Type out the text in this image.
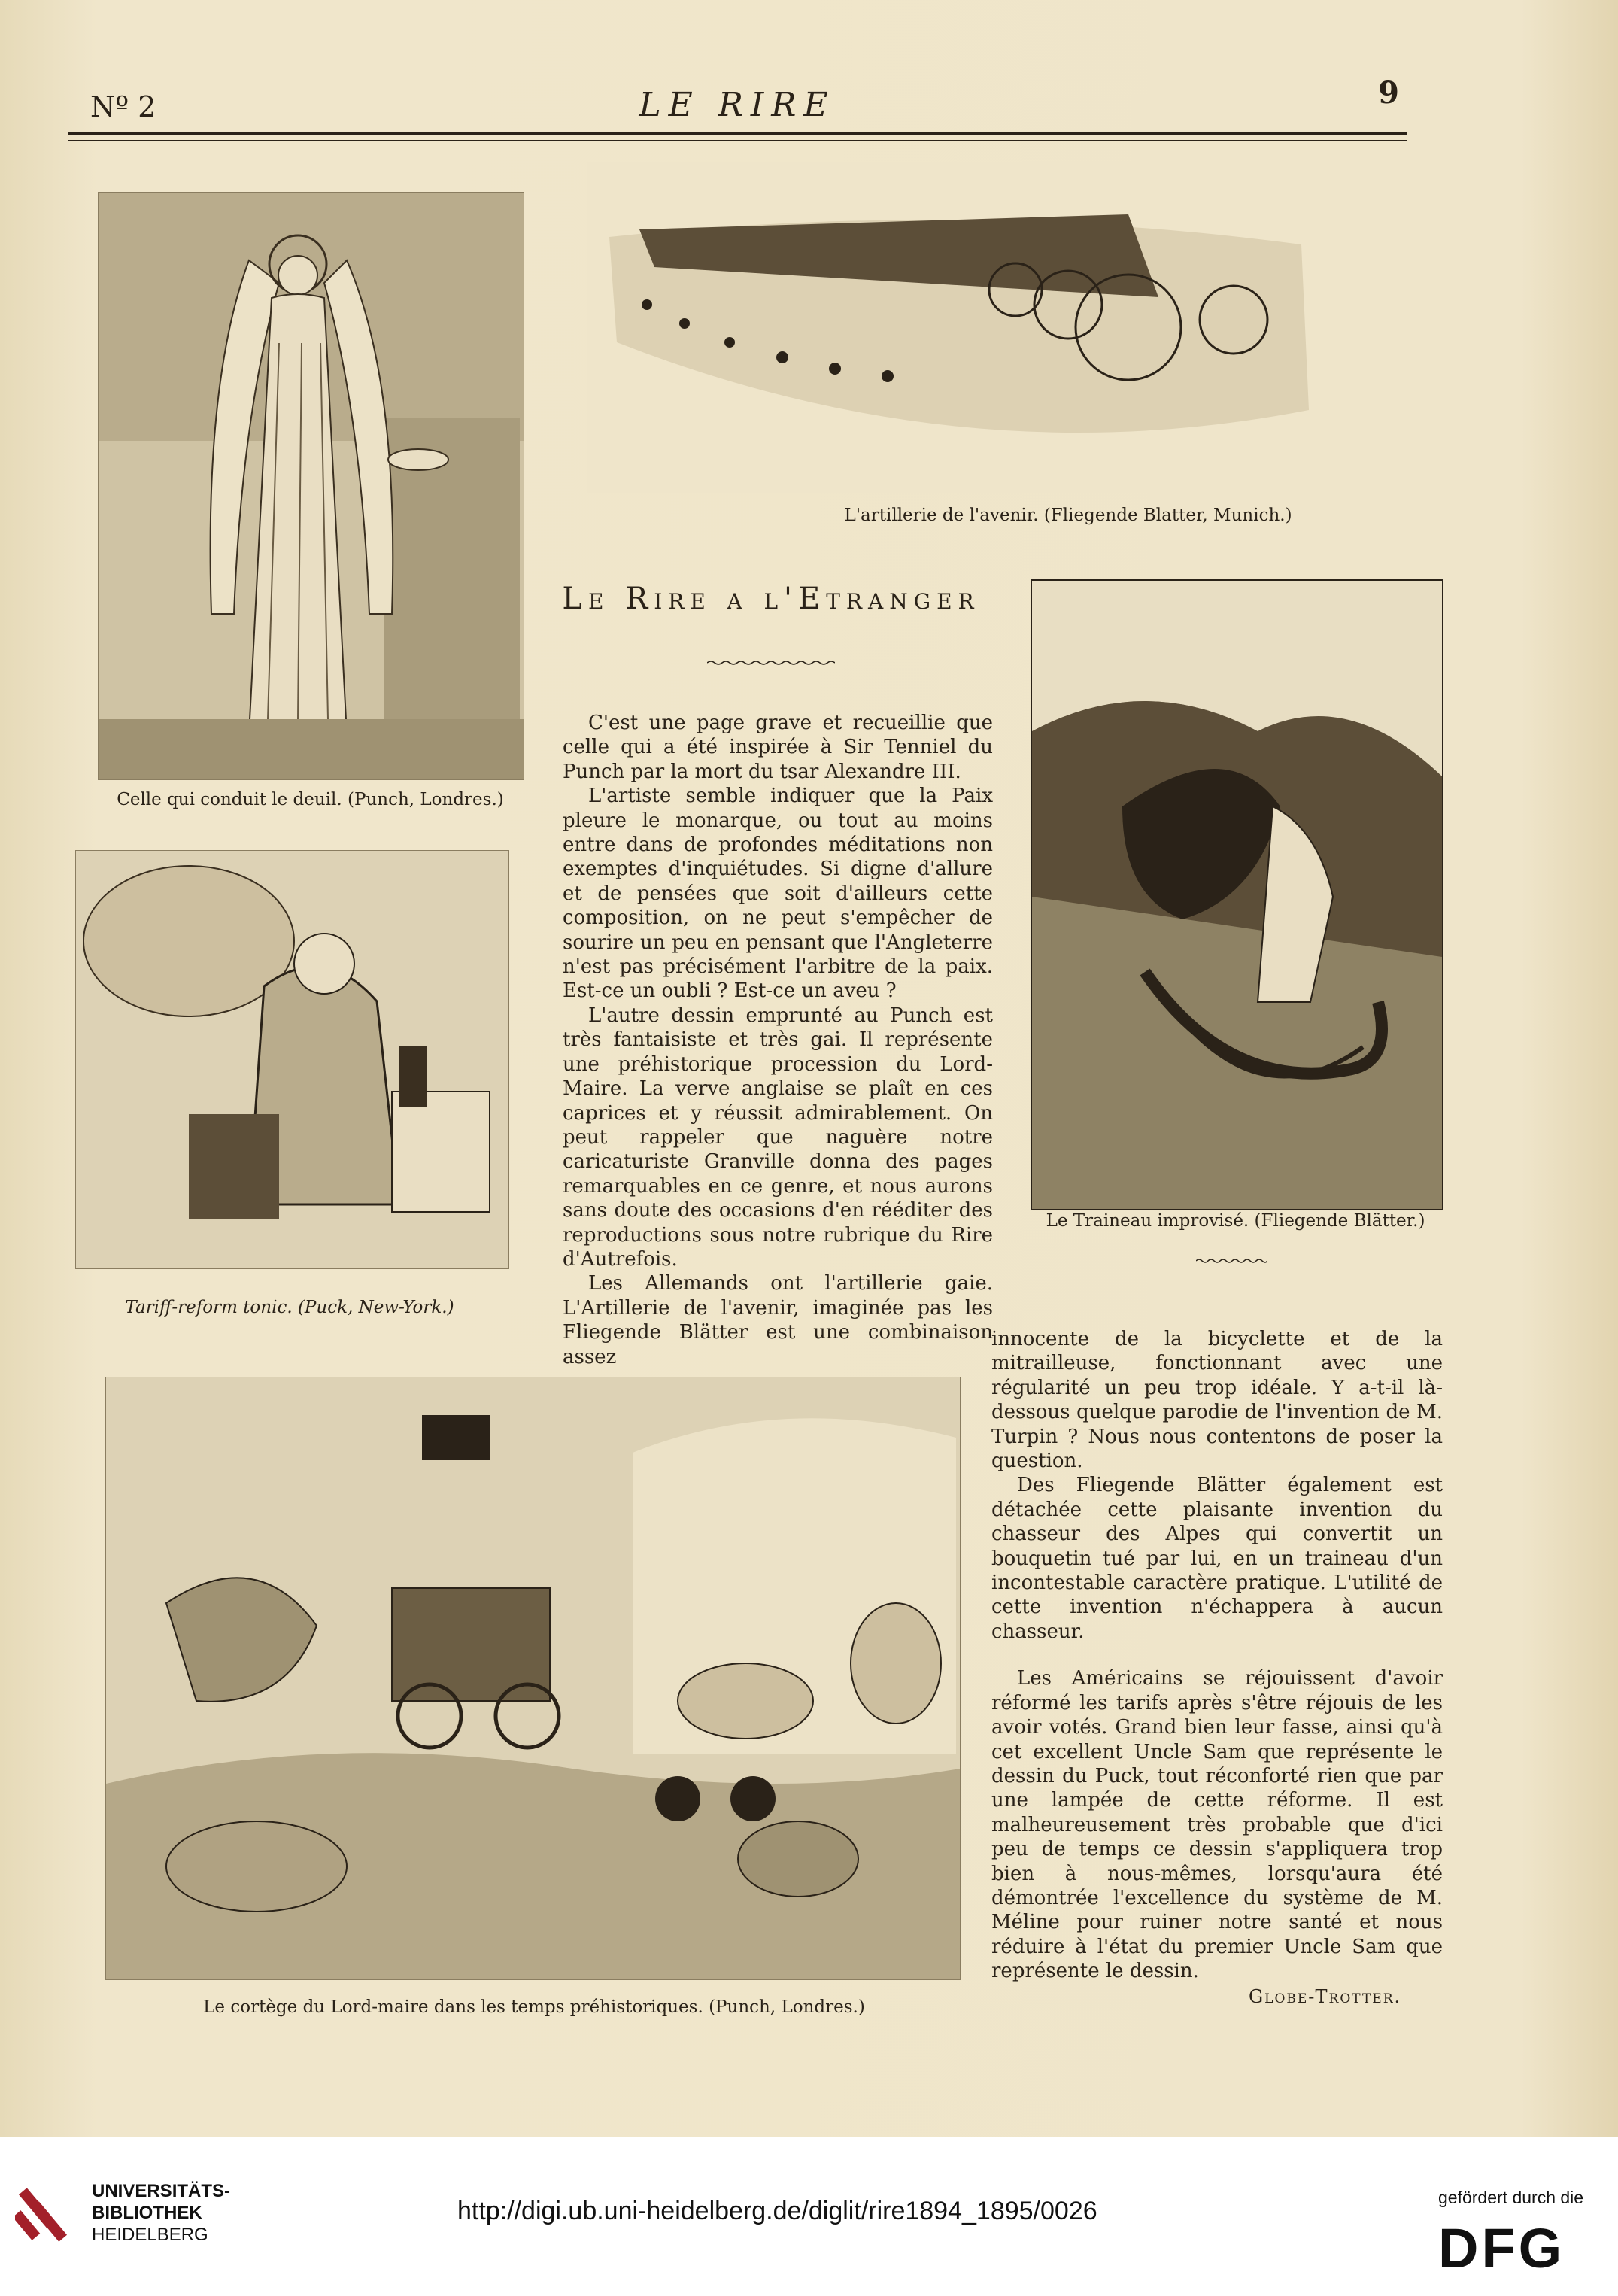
Nº 2	LE RIRE	9
Celle qui conduit le deuil. (Punch, Londres.)
L'artillerie de l'avenir. (Fliegende Blatter, Munich.)
Tariff-reform tonic. (Puck, New-York.)
Le Traineau improvisé. (Fliegende Blätter.)
Le cortège du Lord-maire dans les temps préhistoriques. (Punch, Londres.)
Le Rire a l'Etranger

C'est une page grave et recueillie que celle qui a été inspirée à Sir Tenniel du Punch par la mort du tsar Alexandre III.

L'artiste semble indiquer que la Paix pleure le monarque, ou tout au moins entre dans de profondes méditations non exemptes d'inquiétudes. Si digne d'allure et de pensées que soit d'ailleurs cette composition, on ne peut s'empêcher de sourire un peu en pensant que l'Angleterre n'est pas précisément l'arbitre de la paix. Est-ce un oubli ? Est-ce un aveu ?

L'autre dessin emprunté au Punch est très fantaisiste et très gai. Il représente une préhistorique procession du Lord-Maire. La verve anglaise se plaît en ces caprices et y réussit admirablement. On peut rappeler que naguère notre caricaturiste Granville donna des pages remarquables en ce genre, et nous aurons sans doute des occasions d'en rééditer des reproductions sous notre rubrique du Rire d'Autrefois.

Les Allemands ont l'artillerie gaie. L'Artillerie de l'avenir, imaginée pas les Fliegende Blätter est une combinaison assez

innocente de la bicyclette et de la mitrailleuse, fonctionnant avec une régularité un peu trop idéale. Y a-t-il là-dessous quelque parodie de l'invention de M. Turpin ? Nous nous contentons de poser la question.

Des Fliegende Blätter également est détachée cette plaisante invention du chasseur des Alpes qui convertit un bouquetin tué par lui, en un traineau d'un incontestable caractère pratique. L'utilité de cette invention n'échappera à aucun chasseur.

Les Américains se réjouissent d'avoir réformé les tarifs après s'être réjouis de les avoir votés. Grand bien leur fasse, ainsi qu'à cet excellent Uncle Sam que représente le dessin du Puck, tout réconforté rien que par une lampée de cette réforme. Il est malheureusement très probable que d'ici peu de temps ce dessin s'appliquera trop bien à nous-mêmes, lorsqu'aura été démontrée l'excellence du système de M. Méline pour ruiner notre santé et nous réduire à l'état du premier Uncle Sam que représente le dessin.

Globe-Trotter.
UNIVERSITÄTS-
BIBLIOTHEK
HEIDELBERG
http://digi.ub.uni-heidelberg.de/diglit/rire1894_1895/0026	gefördert durch die
DFG
